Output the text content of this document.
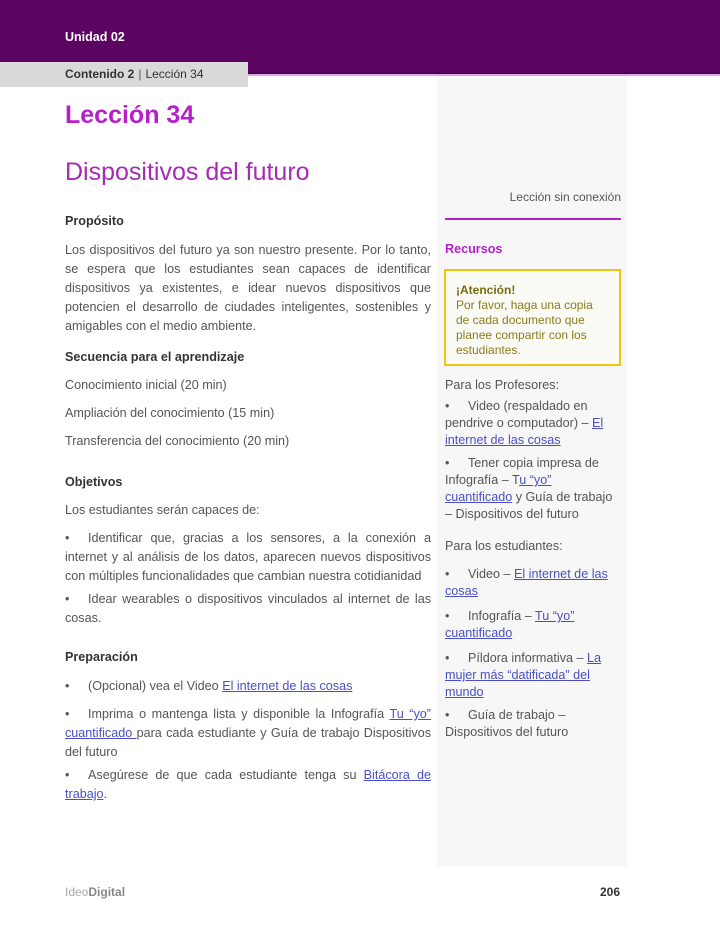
Unidad 02
Contenido 2 | Lección 34
Lección 34
Dispositivos del futuro
Propósito

Los dispositivos del futuro ya son nuestro presente. Por lo tanto, se espera que los estudiantes sean capaces de identificar dispositivos ya existentes, e idear nuevos dispositivos que potencien el desarrollo de ciudades inteligentes, sostenibles y amigables con el medio ambiente.

Secuencia para el aprendizaje

Conocimiento inicial (20 min)

Ampliación del conocimiento (15 min)

Transferencia del conocimiento (20 min)

Objetivos

Los estudiantes serán capaces de:

• Identificar que, gracias a los sensores, a la conexión a internet y al análisis de los datos, aparecen nuevos dispositivos con múltiples funcionalidades que cambian nuestra cotidianidad

• Idear wearables o dispositivos vinculados al internet de las cosas.

Preparación

• (Opcional) vea el Video El internet de las cosas

• Imprima o mantenga lista y disponible la Infografía Tu “yo” cuantificado para cada estudiante y Guía de trabajo Dispositivos del futuro

• Asegúrese de que cada estudiante tenga su Bitácora de trabajo.

Lección sin conexión
Recursos
¡Atención!
Por favor, haga una copia de cada documento que planee compartir con los estudiantes.

Para los Profesores:

• Video (respaldado en pendrive o computador) – El internet de las cosas

• Tener copia impresa de Infografía – Tu “yo” cuantificado y Guía de trabajo – Dispositivos del futuro

Para los estudiantes:

• Video – El internet de las cosas

• Infografía – Tu “yo” cuantificado

• Píldora informativa – La mujer más “datificada” del mundo

• Guía de trabajo – Dispositivos del futuro

IdeoDigital	206
